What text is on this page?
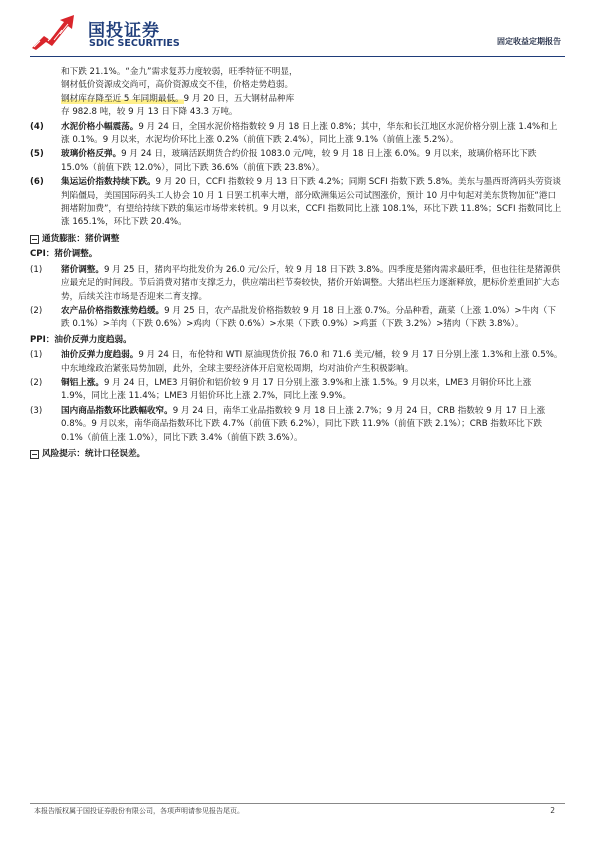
国投证券
SDIC SECURITIES	固定收益定期报告

和下跌 21.1%。“金九”需求复苏力度较弱，旺季特征不明显，
钢材低价资源成交尚可，高价资源成交不佳，价格走势趋弱。
钢材库存降至近 5 年同期最低。9 月 20 日，五大钢材品种库
存 982.8 吨，较 9 月 13 日下降 43.3 万吨。

(4) 水泥价格小幅震荡。9 月 24 日，全国水泥价格指数较 9 月 18 日上涨 0.8%；其中，华东和长江地区水泥价格分别上涨 1.4%和上涨 0.1%。9 月以来，水泥均价环比上涨 0.2%（前值下跌 2.4%），同比上涨 9.1%（前值上涨 5.2%）。
(5) 玻璃价格反弹。9 月 24 日，玻璃活跃期货合约价报 1083.0 元/吨，较 9 月 18 日上涨 6.0%。9 月以来，玻璃价格环比下跌 15.0%（前值下跌 12.0%），同比下跌 36.6%（前值下跌 23.8%）。
(6) 集运运价指数持续下跌。9 月 20 日，CCFI 指数较 9 月 13 日下跌 4.2%；同期 SCFI 指数下跌 5.8%。美东与墨西哥湾码头劳资谈判陷僵局，美国国际码头工人协会 10 月 1 日罢工机率大增，部分欧洲集运公司试图涨价，预计 10 月中旬起对美东货物加征“港口拥堵附加费”，有望给持续下跌的集运市场带来转机。9 月以来，CCFI 指数同比上涨 108.1%，环比下跌 11.8%；SCFI 指数同比上涨 165.1%，环比下跌 20.4%。
通货膨胀：猪价调整
CPI：猪价调整。
(1) 猪价调整。9 月 25 日，猪肉平均批发价为 26.0 元/公斤，较 9 月 18 日下跌 3.8%。四季度是猪肉需求最旺季，但也往往是猪源供应最充足的时间段。节后消费对猪市支撑乏力，供应端出栏节奏较快，猪价开始调整。大猪出栏压力逐渐释放，肥标价差重回扩大态势，后续关注市场是否迎来二育支撑。
(2) 农产品价格指数涨势趋缓。9 月 25 日，农产品批发价格指数较 9 月 18 日上涨 0.7%。分品种看，蔬菜（上涨 1.0%）>牛肉（下跌 0.1%）>羊肉（下跌 0.6%）>鸡肉（下跌 0.6%）>水果（下跌 0.9%）>鸡蛋（下跌 3.2%）>猪肉（下跌 3.8%）。
PPI：油价反弹力度趋弱。
(1) 油价反弹力度趋弱。9 月 24 日，布伦特和 WTI 原油现货价报 76.0 和 71.6 美元/桶，较 9 月 17 日分别上涨 1.3%和上涨 0.5%。中东地缘政治紧张局势加剧，此外，全球主要经济体开启宽松周期，均对油价产生积极影响。
(2) 铜铝上涨。9 月 24 日，LME3 月铜价和铝价较 9 月 17 日分别上涨 3.9%和上涨 1.5%。9 月以来，LME3 月铜价环比上涨 1.9%，同比上涨 11.4%；LME3 月铝价环比上涨 2.7%，同比上涨 9.9%。
(3) 国内商品指数环比跌幅收窄。9 月 24 日，南华工业品指数较 9 月 18 日上涨 2.7%；9 月 24 日，CRB 指数较 9 月 17 日上涨 0.8%。9 月以来，南华商品指数环比下跌 4.7%（前值下跌 6.2%），同比下跌 11.9%（前值下跌 2.1%）；CRB 指数环比下跌 0.1%（前值上涨 1.0%），同比下跌 3.4%（前值下跌 3.6%）。
风险提示：统计口径误差。
本报告版权属于国投证券股份有限公司，各项声明请参见报告尾页。	2
